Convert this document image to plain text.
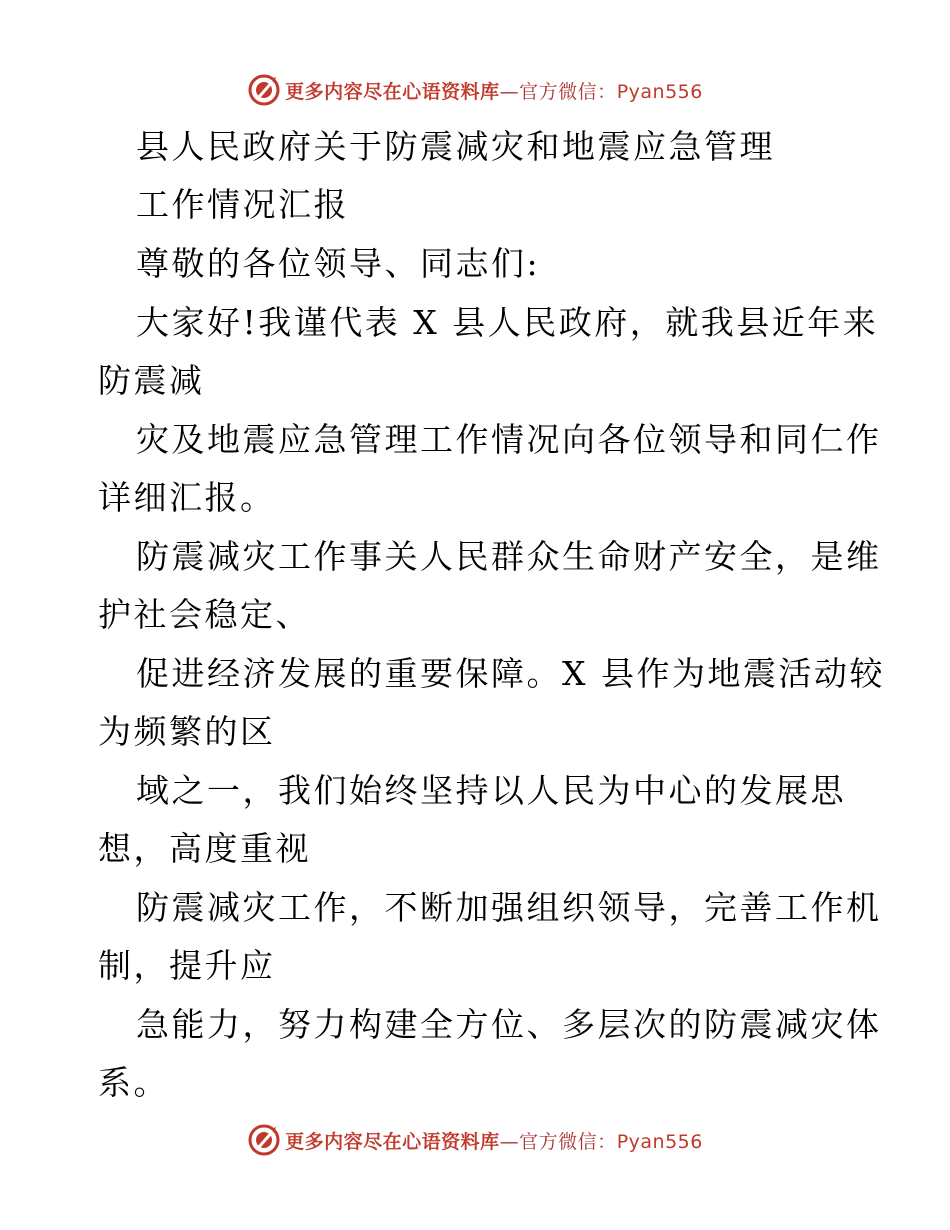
更多内容尽在心语资料库—官方微信：Pyan556
县人民政府关于防震减灾和地震应急管理
工作情况汇报
尊敬的各位领导、同志们:
大家好!我谨代表 X 县人民政府，就我县近年来
防震减
灾及地震应急管理工作情况向各位领导和同仁作
详细汇报。
防震减灾工作事关人民群众生命财产安全，是维
护社会稳定、
促进经济发展的重要保障。X 县作为地震活动较
为频繁的区
域之一，我们始终坚持以人民为中心的发展思
想，高度重视
防震减灾工作，不断加强组织领导，完善工作机
制，提升应
急能力，努力构建全方位、多层次的防震减灾体
系。
更多内容尽在心语资料库—官方微信：Pyan556
